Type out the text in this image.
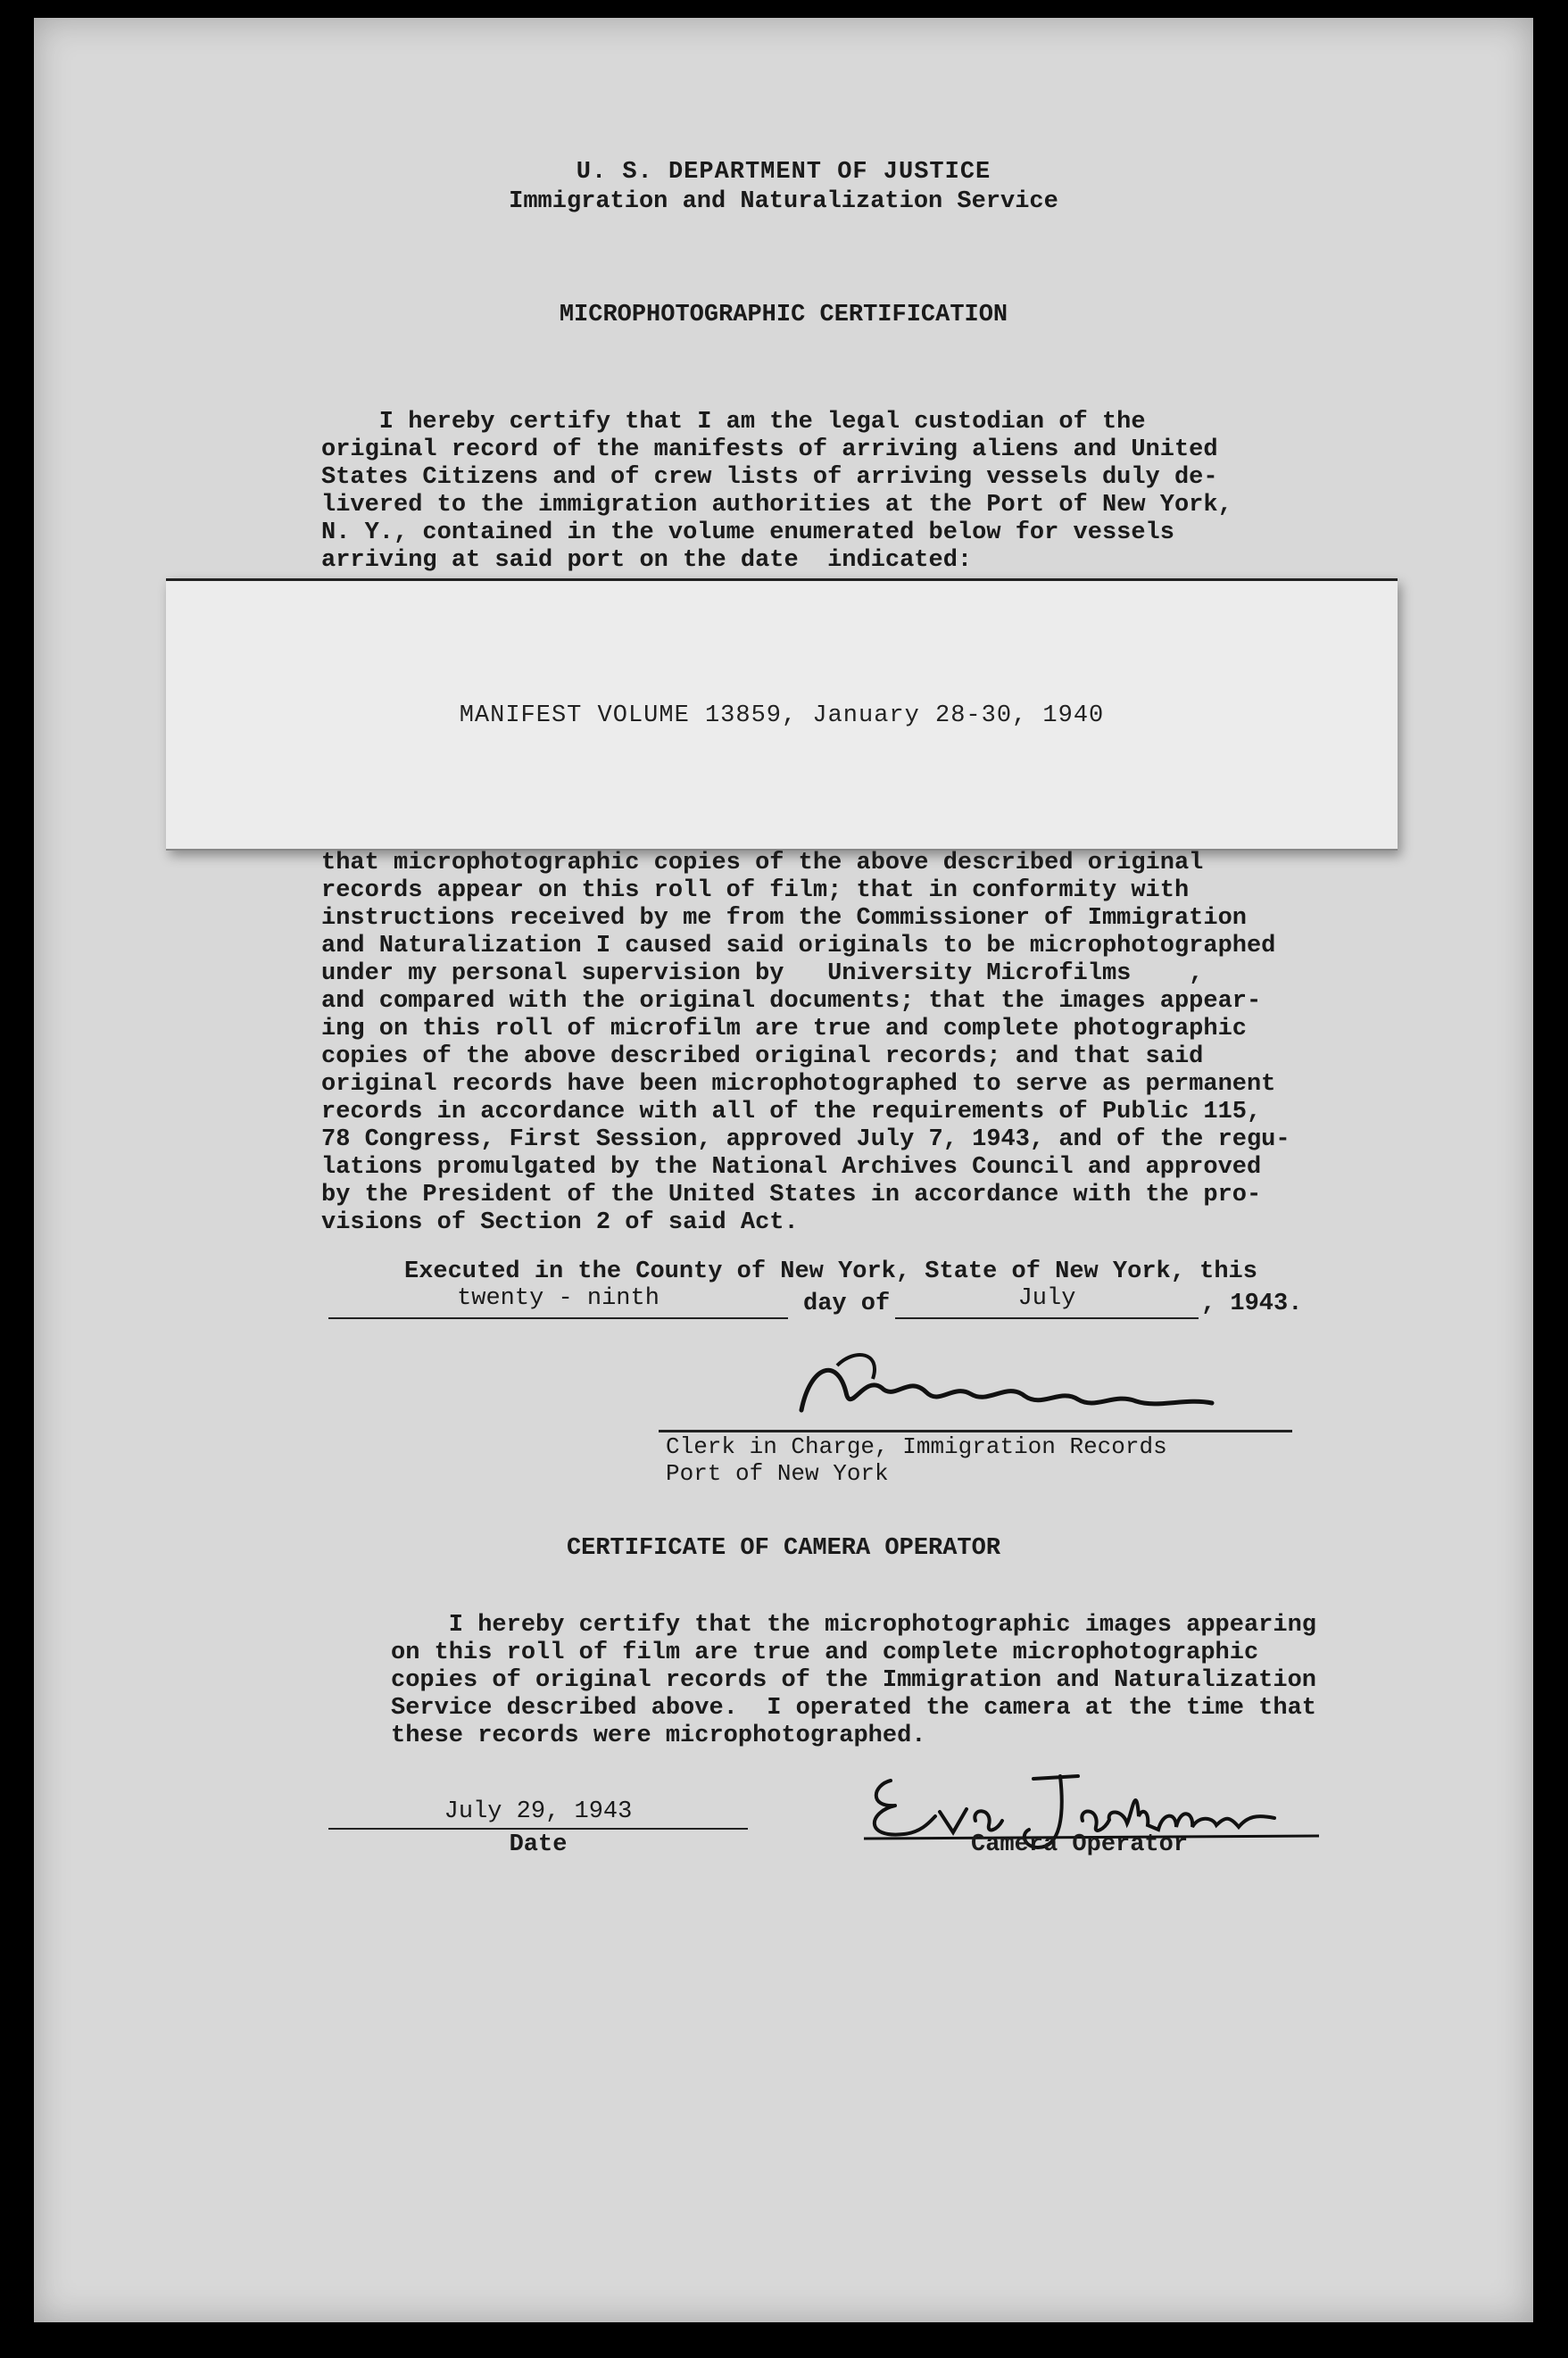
U. S. DEPARTMENT OF JUSTICE
Immigration and Naturalization Service
MICROPHOTOGRAPHIC CERTIFICATION
I hereby certify that I am the legal custodian of the
original record of the manifests of arriving aliens and United
States Citizens and of crew lists of arriving vessels duly de-
livered to the immigration authorities at the Port of New York,
N. Y., contained in the volume enumerated below for vessels
arriving at said port on the date  indicated:
MANIFEST VOLUME 13859, January 28-30, 1940
that microphotographic copies of the above described original
records appear on this roll of film; that in conformity with
instructions received by me from the Commissioner of Immigration
and Naturalization I caused said originals to be microphotographed
under my personal supervision by   University Microfilms    ,
and compared with the original documents; that the images appear-
ing on this roll of microfilm are true and complete photographic
copies of the above described original records; and that said
original records have been microphotographed to serve as permanent
records in accordance with all of the requirements of Public 115,
78 Congress, First Session, approved July 7, 1943, and of the regu-
lations promulgated by the National Archives Council and approved
by the President of the United States in accordance with the pro-
visions of Section 2 of said Act.
Executed in the County of New York, State of New York, this
twenty - ninth	day of	July	, 1943.
Clerk in Charge, Immigration Records
Port of New York
CERTIFICATE OF CAMERA OPERATOR
I hereby certify that the microphotographic images appearing
on this roll of film are true and complete microphotographic
copies of original records of the Immigration and Naturalization
Service described above.  I operated the camera at the time that
these records were microphotographed.
July 29, 1943
Date	Camera Operator
